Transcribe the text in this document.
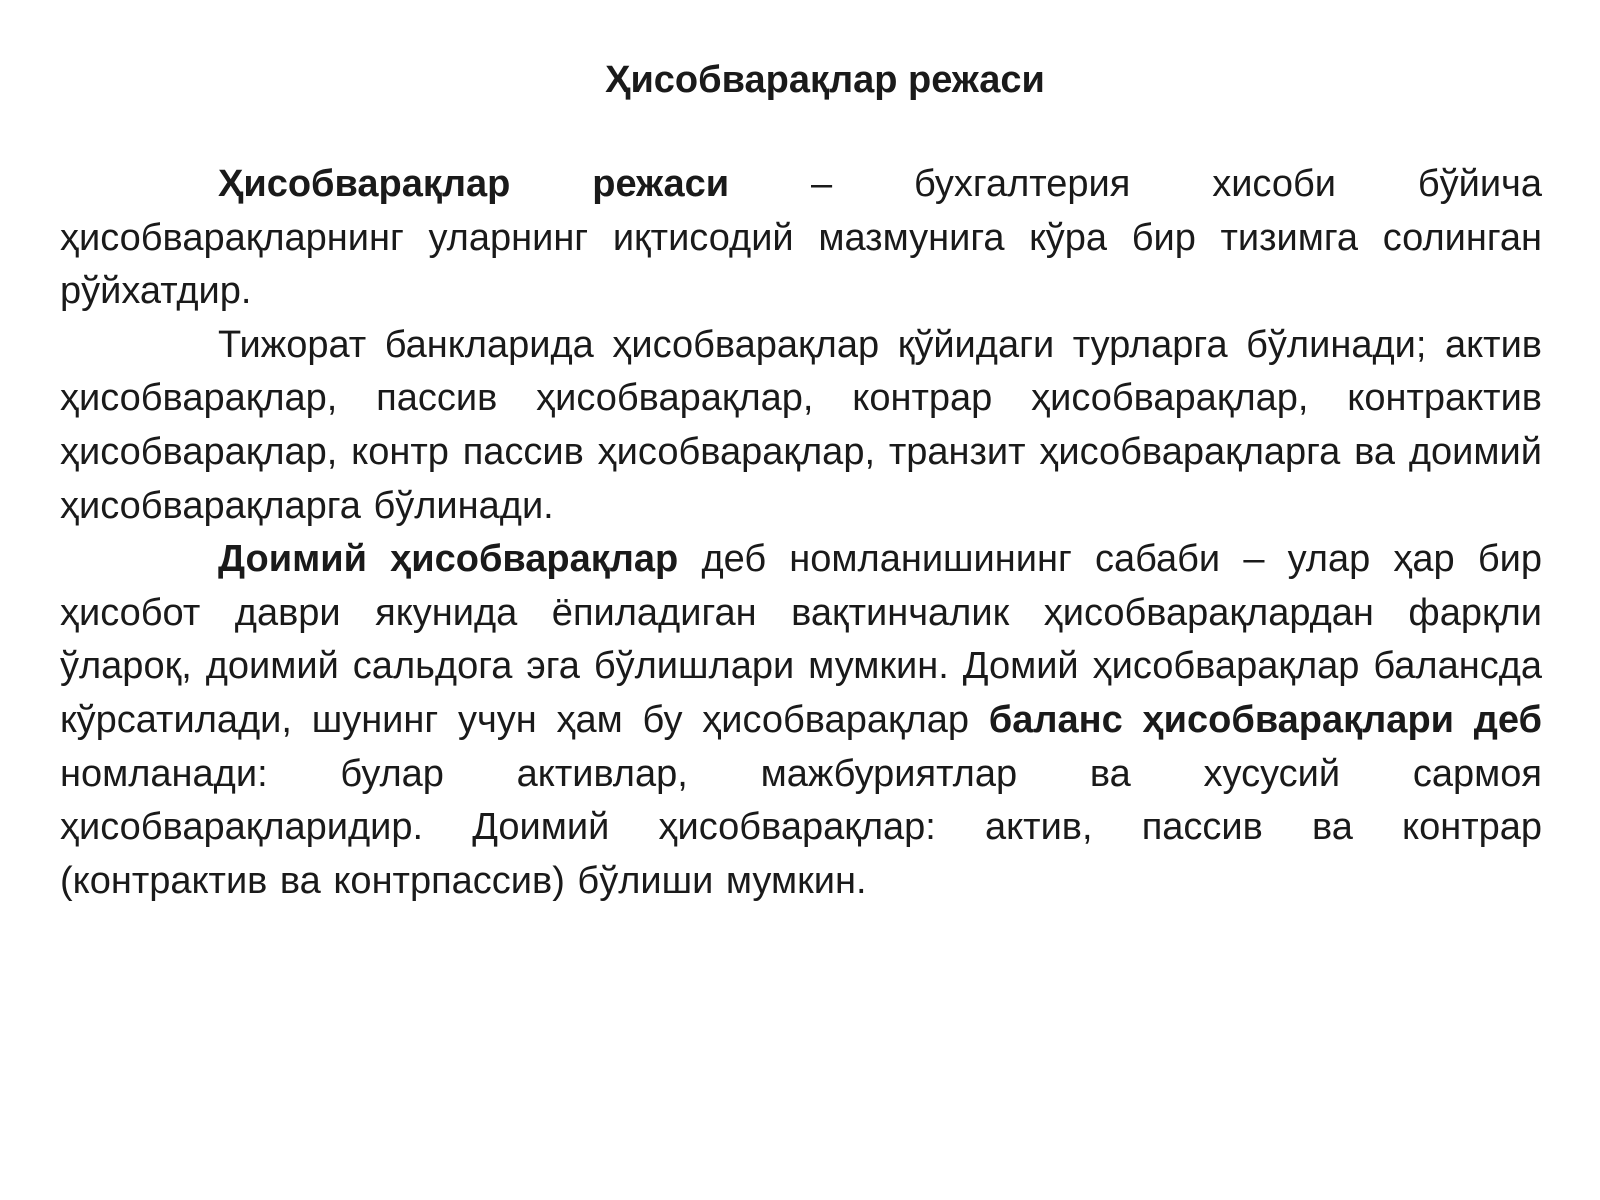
Ҳисобварақлар режаси

Ҳисобварақлар режаси – бухгалтерия хисоби бўйича ҳисобварақларнинг уларнинг иқтисодий мазмунига кўра бир тизимга солинган рўйхатдир.

Тижорат банкларида ҳисобварақлар қўйидаги турларга бўлинади; актив ҳисобварақлар, пассив ҳисобварақлар, контрар ҳисобварақлар, контрактив ҳисобварақлар, контр пассив ҳисобварақлар, транзит ҳисобварақларга ва доимий ҳисобварақларга бўлинади.

Доимий ҳисобварақлар деб номланишининг сабаби – улар ҳар бир ҳисобот даври якунида ёпиладиган вақтинчалик ҳисобварақлардан фарқли ўларoқ, доимий сальдога эга бўлишлари мумкин. Домий ҳисобварақлар балансда кўрсатилади, шунинг учун ҳам бу ҳисобварақлар баланс ҳисобварақлари деб номланади: булар активлар, мажбуриятлар ва хусусий сармоя ҳисобварақларидир. Доимий ҳисобварақлар: актив, пассив ва контрар (контрактив ва контрпассив) бўлиши мумкин.
